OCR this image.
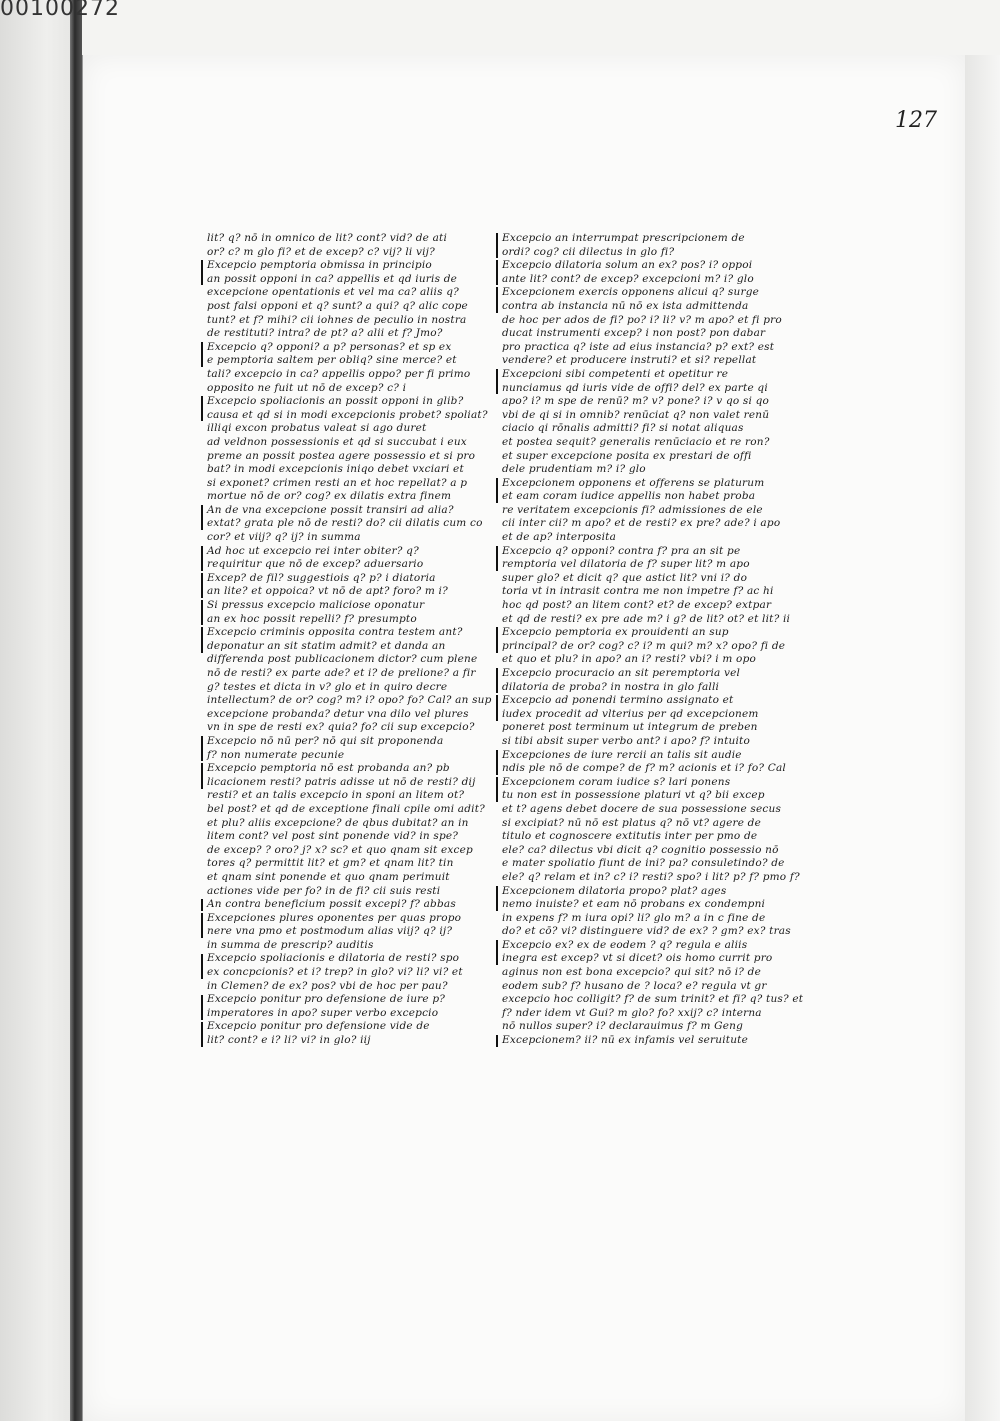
00100272
127
lit? q? nō in omnico de lit? cont? vid? de ati
or? c? m glo fi? et de excep? c? vij? li vij?
Excepcio pemptoria obmissa in principio
an possit opponi in ca? appellis et qd iuris de
excepcione opentationis et vel ma ca? aliis q?
post falsi opponi et q? sunt? a qui? q? alic cope
tunt? et f? mihi? cii iohnes de peculio in nostra
de restituti? intra? de pt? a? alii et f? Jmo?
Excepcio q? opponi? a p? personas? et sp ex
e pemptoria saltem per obliq? sine merce? et
tali? excepcio in ca? appellis oppo? per fi primo
opposito ne fuit ut nō de excep? c? i
Excepcio spoliacionis an possit opponi in glib?
causa et qd si in modi excepcionis probet? spoliat?
illiqi excon probatus valeat si ago duret
ad veldnon possessionis et qd si succubat i eux
preme an possit postea agere possessio et si pro
bat? in modi excepcionis iniqo debet vxciari et
si exponet? crimen resti an et hoc repellat? a p
mortue nō de or? cog? ex dilatis extra finem
An de vna excepcione possit transiri ad alia?
extat? grata ple nō de resti? do? cii dilatis cum co
cor? et viij? q? ij? in summa
Ad hoc ut excepcio rei inter obiter? q?
requiritur que nō de excep? aduersario
Excep? de fil? suggestiois q? p? i diatoria
an lite? et oppoica? vt nō de apt? foro? m i?
Si pressus excepcio maliciose oponatur
an ex hoc possit repelli? f? presumpto
Excepcio criminis opposita contra testem ant?
deponatur an sit statim admit? et danda an
differenda post publicacionem dictor? cum plene
nō de resti? ex parte ade? et i? de prelione? a fir
g? testes et dicta in v? glo et in quiro decre
intellectum? de or? cog? m? i? opo? fo? Cal? an sup
excepcione probanda? detur vna dilo vel plures
vn in spe de resti ex? quia? fo? cii sup excepcio?
Excepcio nō nū per? nō qui sit proponenda
f? non numerate pecunie
Excepcio pemptoria nō est probanda an? pb
licacionem resti? patris adisse ut nō de resti? dij
resti? et an talis excepcio in sponi an litem ot?
bel post? et qd de exceptione finali cpile omi adit?
et plu? aliis excepcione? de qbus dubitat? an in
litem cont? vel post sint ponende vid? in spe?
de excep? ? oro? j? x? sc? et quo qnam sit excep
tores q? permittit lit? et gm? et qnam lit? tin
et qnam sint ponende et quo qnam perimuit
actiones vide per fo? in de fi? cii suis resti
An contra beneficium possit excepi? f? abbas
Excepciones plures oponentes per quas propo
nere vna pmo et postmodum alias viij? q? ij?
in summa de prescrip? auditis
Excepcio spoliacionis e dilatoria de resti? spo
ex concpcionis? et i? trep? in glo? vi? li? vi? et
in Clemen? de ex? pos? vbi de hoc per pau?
Excepcio ponitur pro defensione de iure p?
imperatores in apo? super verbo excepcio
Excepcio ponitur pro defensione vide de
lit? cont? e i? li? vi? in glo? iij
Excepcio an interrumpat prescripcionem de
ordi? cog? cii dilectus in glo fi?
Excepcio dilatoria solum an ex? pos? i? oppoi
ante lit? cont? de excep? excepcioni m? i? glo
Excepcionem exercis opponens alicui q? surge
contra ab instancia nū nō ex ista admittenda
de hoc per ados de fi? po? i? li? v? m apo? et fi pro
ducat instrumenti excep? i non post? pon dabar
pro practica q? iste ad eius instancia? p? ext? est
vendere? et producere instruti? et si? repellat
Excepcioni sibi competenti et opetitur re
nunciamus qd iuris vide de offi? del? ex parte qi
apo? i? m spe de renū? m? v? pone? i? v qo si qo
vbi de qi si in omnib? renūciat q? non valet renū
ciacio qi rōnalis admitti? fi? si notat aliquas
et postea sequit? generalis renūciacio et re ron?
et super excepcione posita ex prestari de offi
dele prudentiam m? i? glo
Excepcionem opponens et offerens se platurum
et eam coram iudice appellis non habet proba
re veritatem excepcionis fi? admissiones de ele
cii inter cii? m apo? et de resti? ex pre? ade? i apo
et de ap? interposita
Excepcio q? opponi? contra f? pra an sit pe
remptoria vel dilatoria de f? super lit? m apo
super glo? et dicit q? que astict lit? vni i? do
toria vt in intrasit contra me non impetre f? ac hi
hoc qd post? an litem cont? et? de excep? extpar
et qd de resti? ex pre ade m? i g? de lit? ot? et lit? ii
Excepcio pemptoria ex prouidenti an sup
principal? de or? cog? c? i? m qui? m? x? opo? fi de
et quo et plu? in apo? an i? resti? vbi? i m opo
Excepcio procuracio an sit peremptoria vel
dilatoria de proba? in nostra in glo falli
Excepcio ad ponendi termino assignato et
iudex procedit ad vlterius per qd excepcionem
poneret post terminum ut integrum de preben
si tibi absit super verbo ant? i apo? f? intuito
Excepciones de iure rercii an talis sit audie
ndis ple nō de compe? de f? m? acionis et i? fo? Cal
Excepcionem coram iudice s? lari ponens
tu non est in possessione platuri vt q? bii excep
et t? agens debet docere de sua possessione secus
si excipiat? nū nō est platus q? nō vt? agere de
titulo et cognoscere extitutis inter per pmo de
ele? ca? dilectus vbi dicit q? cognitio possessio nō
e mater spoliatio fiunt de ini? pa? consuletindo? de
ele? q? relam et in? c? i? resti? spo? i lit? p? f? pmo f?
Excepcionem dilatoria propo? plat? ages
nemo inuiste? et eam nō probans ex condempni
in expens f? m iura opi? li? glo m? a in c fine de
do? et cō? vi? distinguere vid? de ex? ? gm? ex? tras
Excepcio ex? ex de eodem ? q? regula e aliis
inegra est excep? vt si dicet? ois homo currit pro
aginus non est bona excepcio? qui sit? nō i? de
eodem sub? f? husano de ? loca? e? regula vt gr
excepcio hoc colligit? f? de sum trinit? et fi? q? tus? et
f? nder idem vt Gui? m glo? fo? xxij? c? interna
nō nullos super? i? declarauimus f? m Geng
Excepcionem? ii? nū ex infamis vel seruitute
